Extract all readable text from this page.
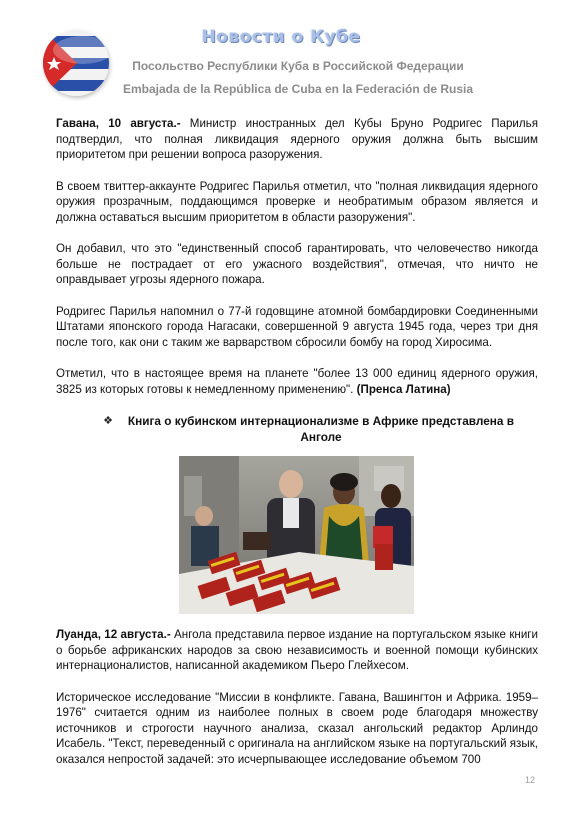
Новости о Кубе
Посольство Республики Куба в Российской Федерации
Embajada de la República de Cuba en la Federación de Rusia

Гавана, 10 августа.- Министр иностранных дел Кубы Бруно Родригес Парилья подтвердил, что полная ликвидация ядерного оружия должна быть высшим приоритетом при решении вопроса разоружения.

В своем твиттер-аккаунте Родригес Парилья отметил, что "полная ликвидация ядерного оружия прозрачным, поддающимся проверке и необратимым образом является и должна оставаться высшим приоритетом в области разоружения".

Он добавил, что это "единственный способ гарантировать, что человечество никогда больше не пострадает от его ужасного воздействия", отмечая, что ничто не оправдывает угрозы ядерного пожара.

Родригес Парилья напомнил о 77-й годовщине атомной бомбардировки Соединенными Штатами японского города Нагасаки, совершенной 9 августа 1945 года, через три дня после того, как они с таким же варварством сбросили бомбу на город Хиросима.

Отметил, что в настоящее время на планете "более 13 000 единиц ядерного оружия, 3825 из которых готовы к немедленному применению". (Пренса Латина)

❖	Книга о кубинском интернационализме в Африке представлена в Анголе

Луанда, 12 августа.- Ангола представила первое издание на португальском языке книги о борьбе африканских народов за свою независимость и военной помощи кубинских интернационалистов, написанной академиком Пьеро Глейхесом.

Историческое исследование "Миссии в конфликте. Гавана, Вашингтон и Африка. 1959–1976" считается одним из наиболее полных в своем роде благодаря множеству источников и строгости научного анализа, сказал ангольский редактор Арлиндо Исабель. "Текст, переведенный с оригинала на английском языке на португальский язык, оказался непростой задачей: это исчерпывающее исследование объемом 700

12
